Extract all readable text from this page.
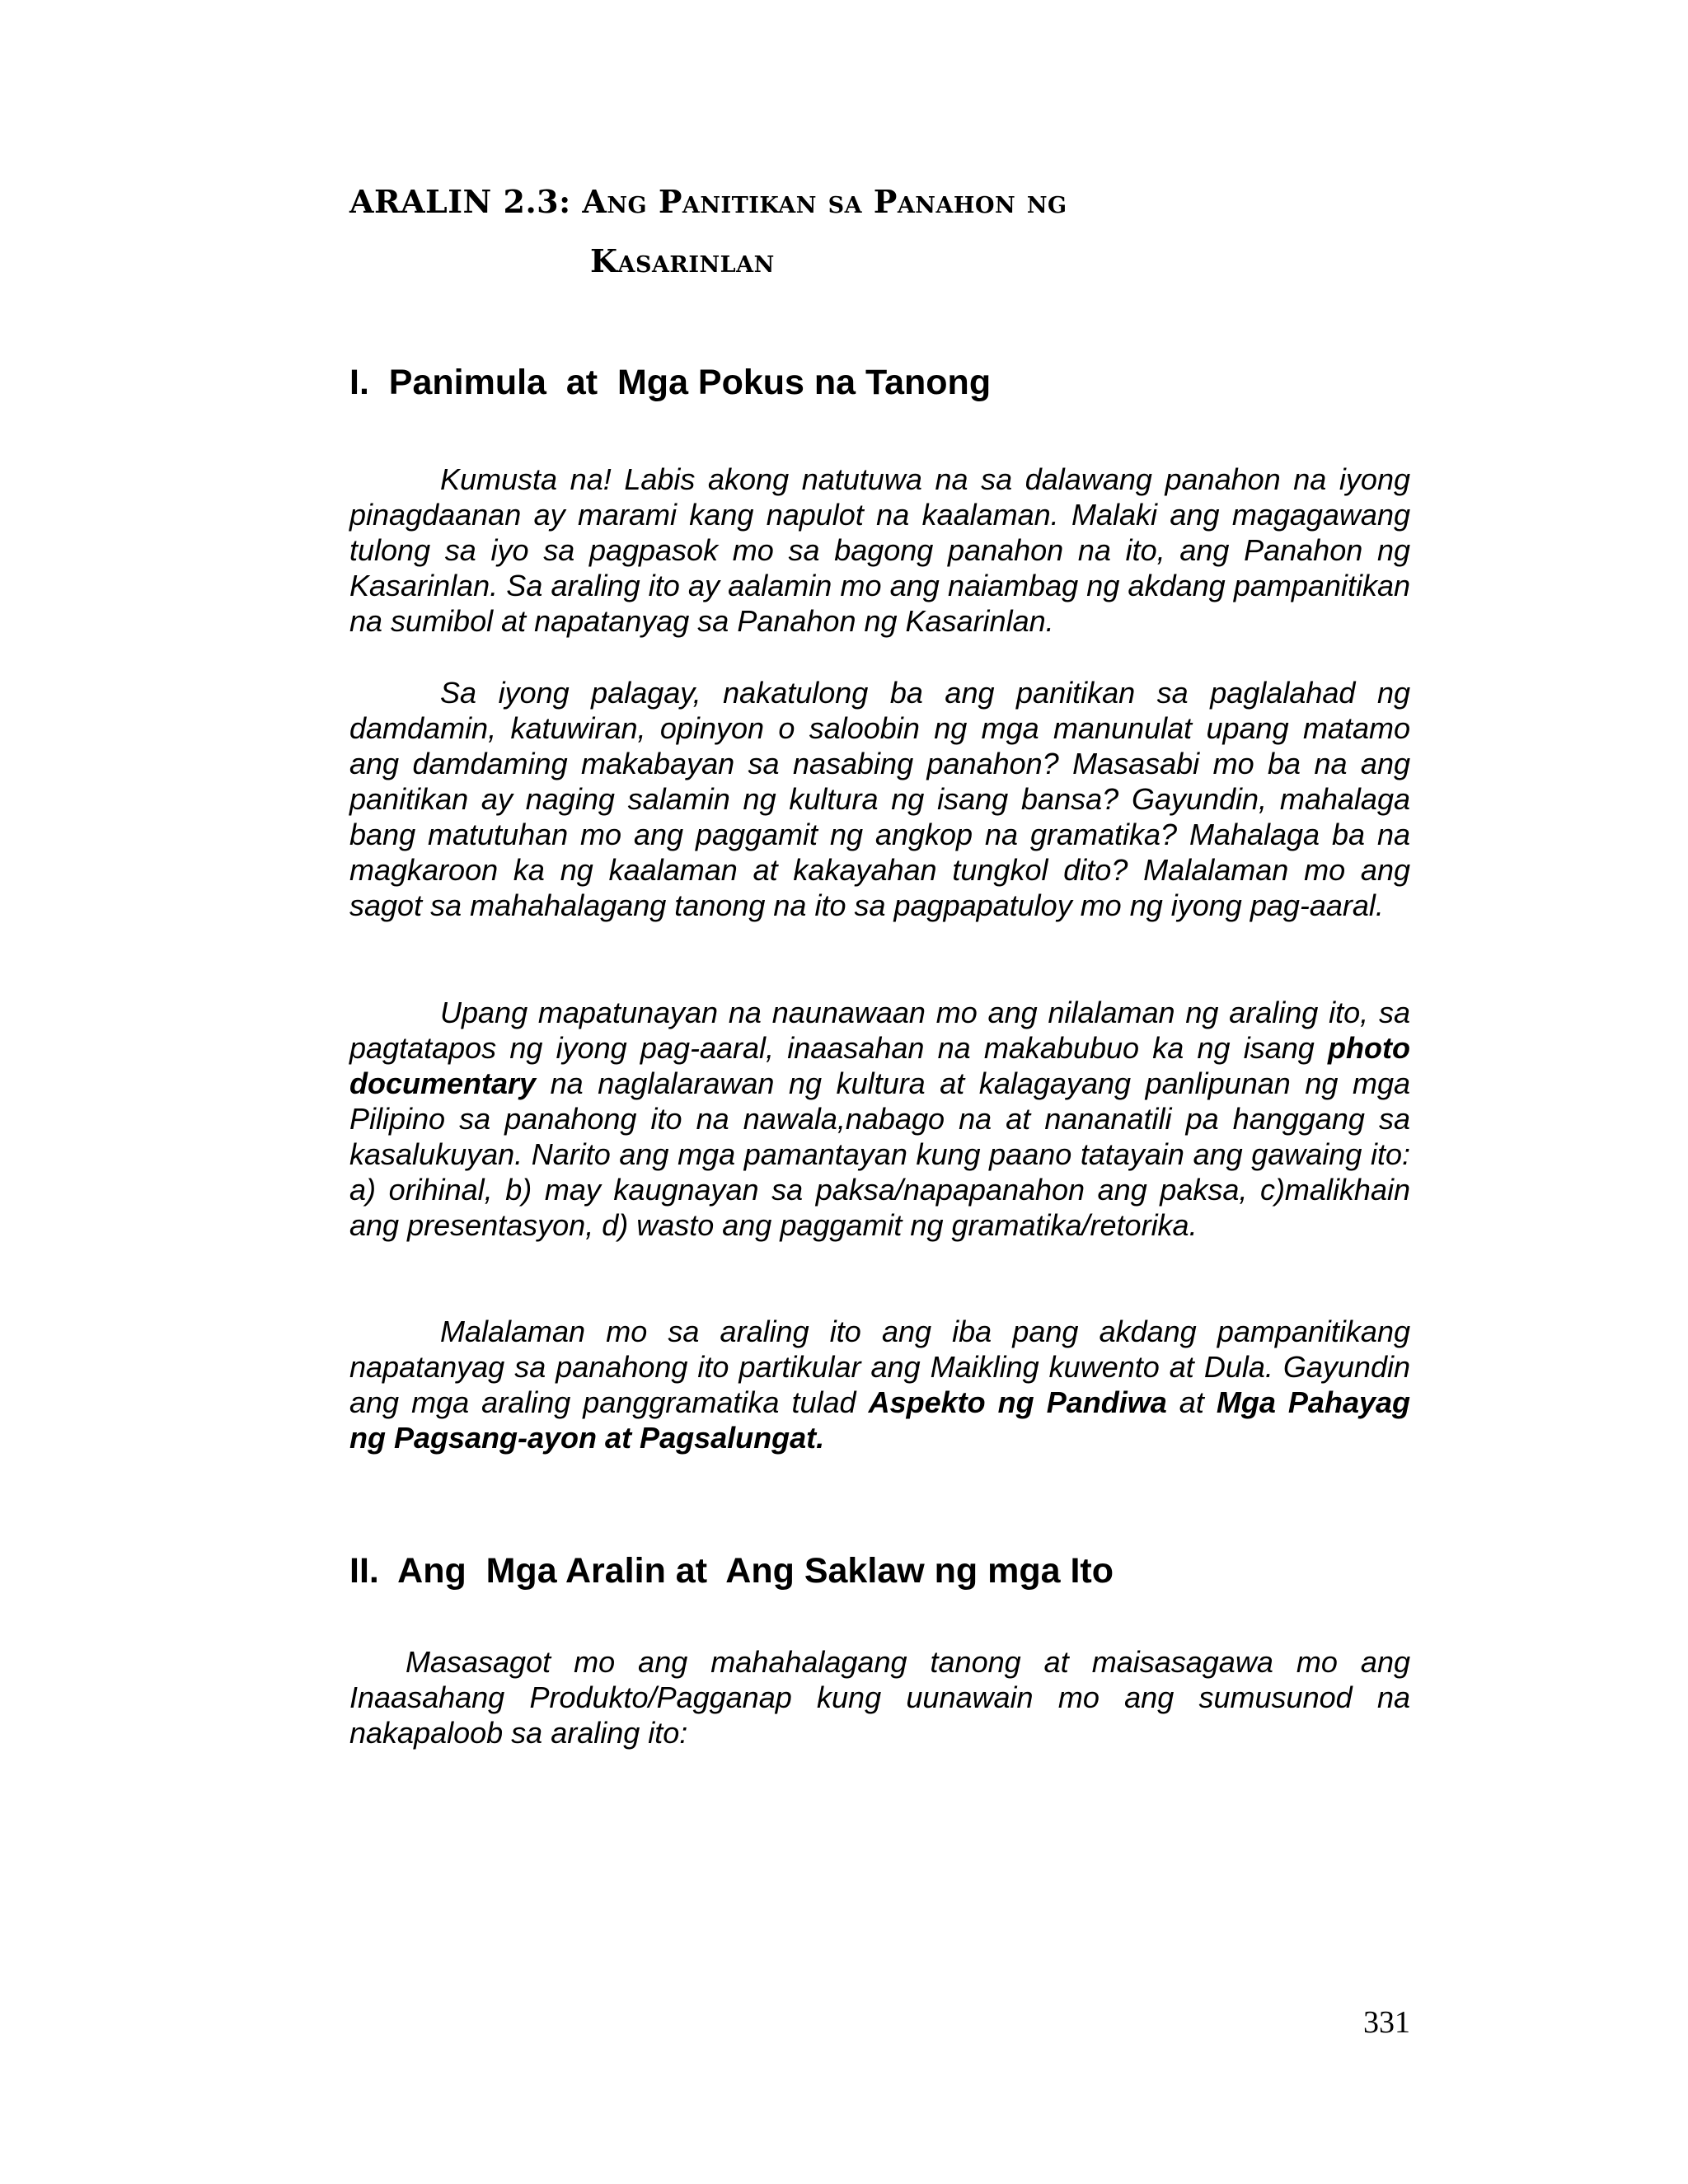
ARALIN 2.3: Ang Panitikan sa Panahon ng
Kasarinlan
I.  Panimula  at  Mga Pokus na Tanong

Kumusta na! Labis akong natutuwa na sa dalawang panahon na iyong pinagdaanan ay marami kang napulot na kaalaman. Malaki ang magagawang tulong sa iyo sa pagpasok mo sa bagong panahon na ito, ang Panahon ng Kasarinlan. Sa araling ito ay aalamin mo ang naiambag ng akdang pampanitikan na sumibol at napatanyag sa Panahon ng Kasarinlan.

Sa iyong palagay, nakatulong ba ang panitikan sa paglalahad ng damdamin, katuwiran, opinyon o saloobin ng mga manunulat upang matamo ang damdaming makabayan sa nasabing panahon? Masasabi mo ba na ang panitikan ay naging salamin ng kultura ng isang bansa? Gayundin, mahalaga bang matutuhan mo ang paggamit ng angkop na gramatika? Mahalaga ba na magkaroon ka ng kaalaman at kakayahan tungkol dito? Malalaman mo ang sagot sa mahahalagang tanong na ito sa pagpapatuloy mo ng iyong pag-aaral.

Upang mapatunayan na naunawaan mo ang nilalaman ng araling ito, sa pagtatapos ng iyong pag-aaral, inaasahan na makabubuo ka ng isang photo documentary na naglalarawan ng kultura at kalagayang panlipunan ng mga Pilipino sa panahong ito na nawala,nabago na at nananatili pa hanggang sa kasalukuyan. Narito ang mga pamantayan kung paano tatayain ang gawaing ito: a) orihinal, b) may kaugnayan sa paksa/napapanahon ang paksa, c)malikhain ang presentasyon, d) wasto ang paggamit ng gramatika/retorika.

Malalaman mo sa araling ito ang iba pang akdang pampanitikang napatanyag sa panahong ito partikular ang Maikling kuwento at Dula. Gayundin ang mga araling panggramatika tulad Aspekto ng Pandiwa at Mga Pahayag ng Pagsang-ayon at Pagsalungat.

II.  Ang  Mga Aralin at  Ang Saklaw ng mga Ito

Masasagot mo ang mahahalagang tanong at maisasagawa mo ang Inaasahang Produkto/Pagganap kung uunawain mo ang sumusunod na nakapaloob sa araling ito:

331
